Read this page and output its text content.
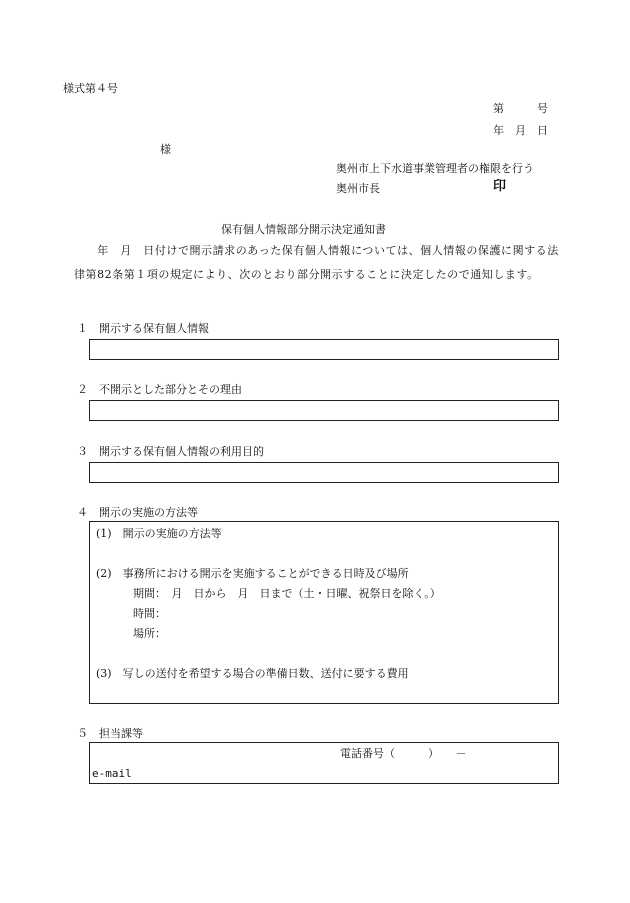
様式第４号
第　　　号
年　月　日
様
奥州市上下水道事業管理者の権限を行う
奥州市長	印
保有個人情報部分開示決定通知書
　　年　月　日付けで開示請求のあった保有個人情報については、個人情報の保護に関する法律第82条第１項の規定により、次のとおり部分開示することに決定したので通知します。
１　開示する保有個人情報
２　不開示とした部分とその理由
３　開示する保有個人情報の利用目的
４　開示の実施の方法等
(1)　開示の実施の方法等
(2)　事務所における開示を実施することができる日時及び場所
期間：　月　日から　月　日まで（土・日曜、祝祭日を除く。）
時間：
場所：
(3)　写しの送付を希望する場合の準備日数、送付に要する費用
５　担当課等
電話番号（　　　）　　－
e-mail
